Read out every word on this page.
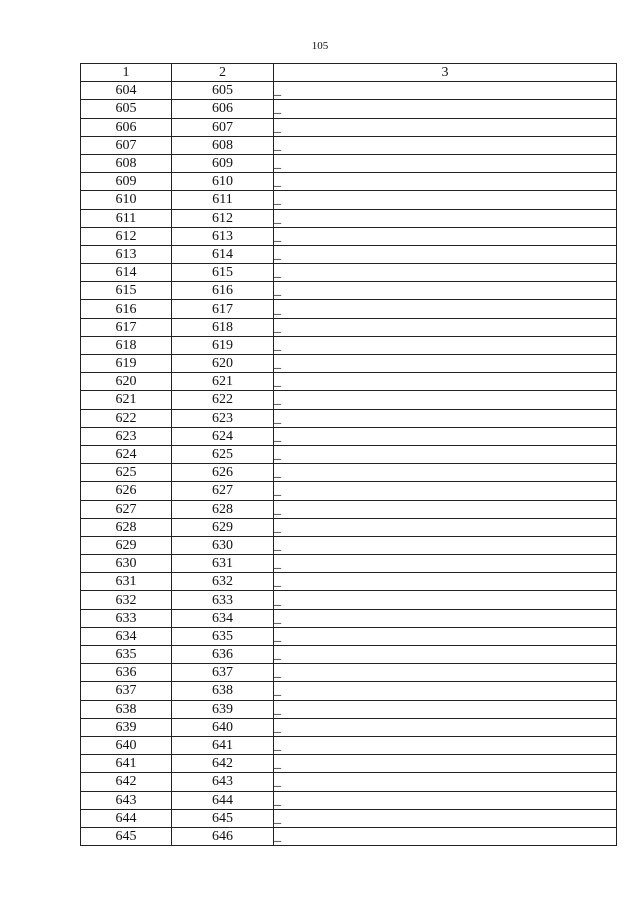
105
1	2	3
604	605	_
605	606	_
606	607	_
607	608	_
608	609	_
609	610	_
610	611	_
611	612	_
612	613	_
613	614	_
614	615	_
615	616	_
616	617	_
617	618	_
618	619	_
619	620	_
620	621	_
621	622	_
622	623	_
623	624	_
624	625	_
625	626	_
626	627	_
627	628	_
628	629	_
629	630	_
630	631	_
631	632	_
632	633	_
633	634	_
634	635	_
635	636	_
636	637	_
637	638	_
638	639	_
639	640	_
640	641	_
641	642	_
642	643	_
643	644	_
644	645	_
645	646	_
